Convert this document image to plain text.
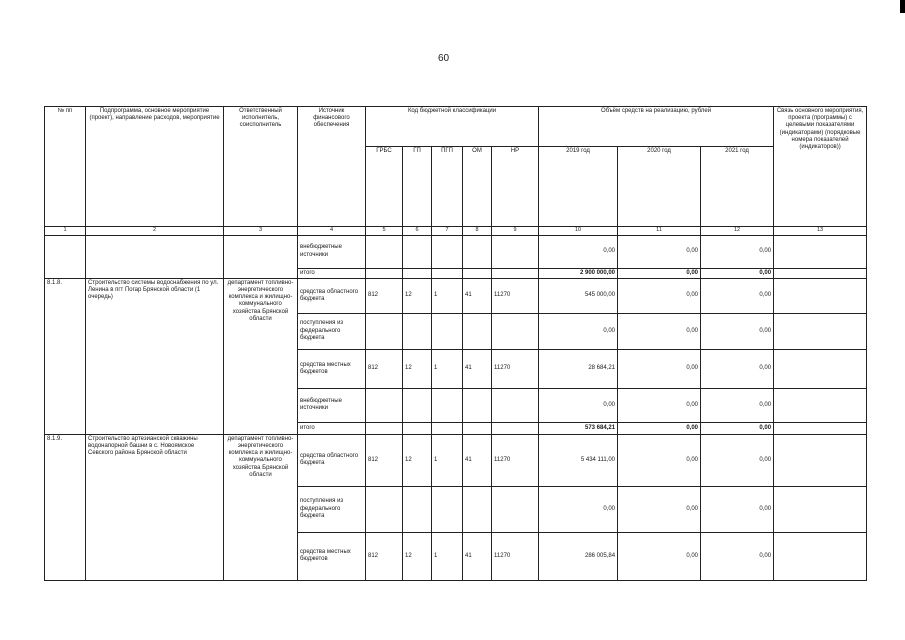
60
№ пп	Подпрограмма, основное мероприятие (проект), направление расходов, мероприятие	Ответственный исполнитель, соисполнитель	Источник финансового обеспечения	Код бюджетной классификации					Объём средств на реализацию, рублей			Связь основного мероприятия, проекта (программы) с целевыми показателями (индикаторами) (порядковые номера показателей (индикаторов))
				ГРБС	ГП	ПГП	ОМ	НР	2019 год	2020 год	2021 год	
1	2	3	4	5	6	7	8	9	10	11	12	13
			внебюджетные источники						0,00	0,00	0,00	
			итого						2 900 000,00	0,00	0,00	
8.1.8.	Строительство системы водоснабжения по ул. Ленина в пгт Погар Брянской области (1 очередь)	департамент топливно-энергетического комплекса и жилищно-коммунального хозяйства Брянской области	средства областного бюджета	812	12	1	41	11270	545 000,00	0,00	0,00	
			поступления из федерального бюджета						0,00	0,00	0,00	
			средства местных бюджетов	812	12	1	41	11270	28 684,21	0,00	0,00	
			внебюджетные источники						0,00	0,00	0,00	
			итого						573 684,21	0,00	0,00	
8.1.9.	Строительство артезианской скважины водонапорной башни в с. Новоямское Севского района Брянской области	департамент топливно-энергетического комплекса и жилищно-коммунального хозяйства Брянской области	средства областного бюджета	812	12	1	41	11270	5 434 111,00	0,00	0,00	
			поступления из федерального бюджета						0,00	0,00	0,00	
			средства местных бюджетов	812	12	1	41	11270	286 005,84	0,00	0,00	
